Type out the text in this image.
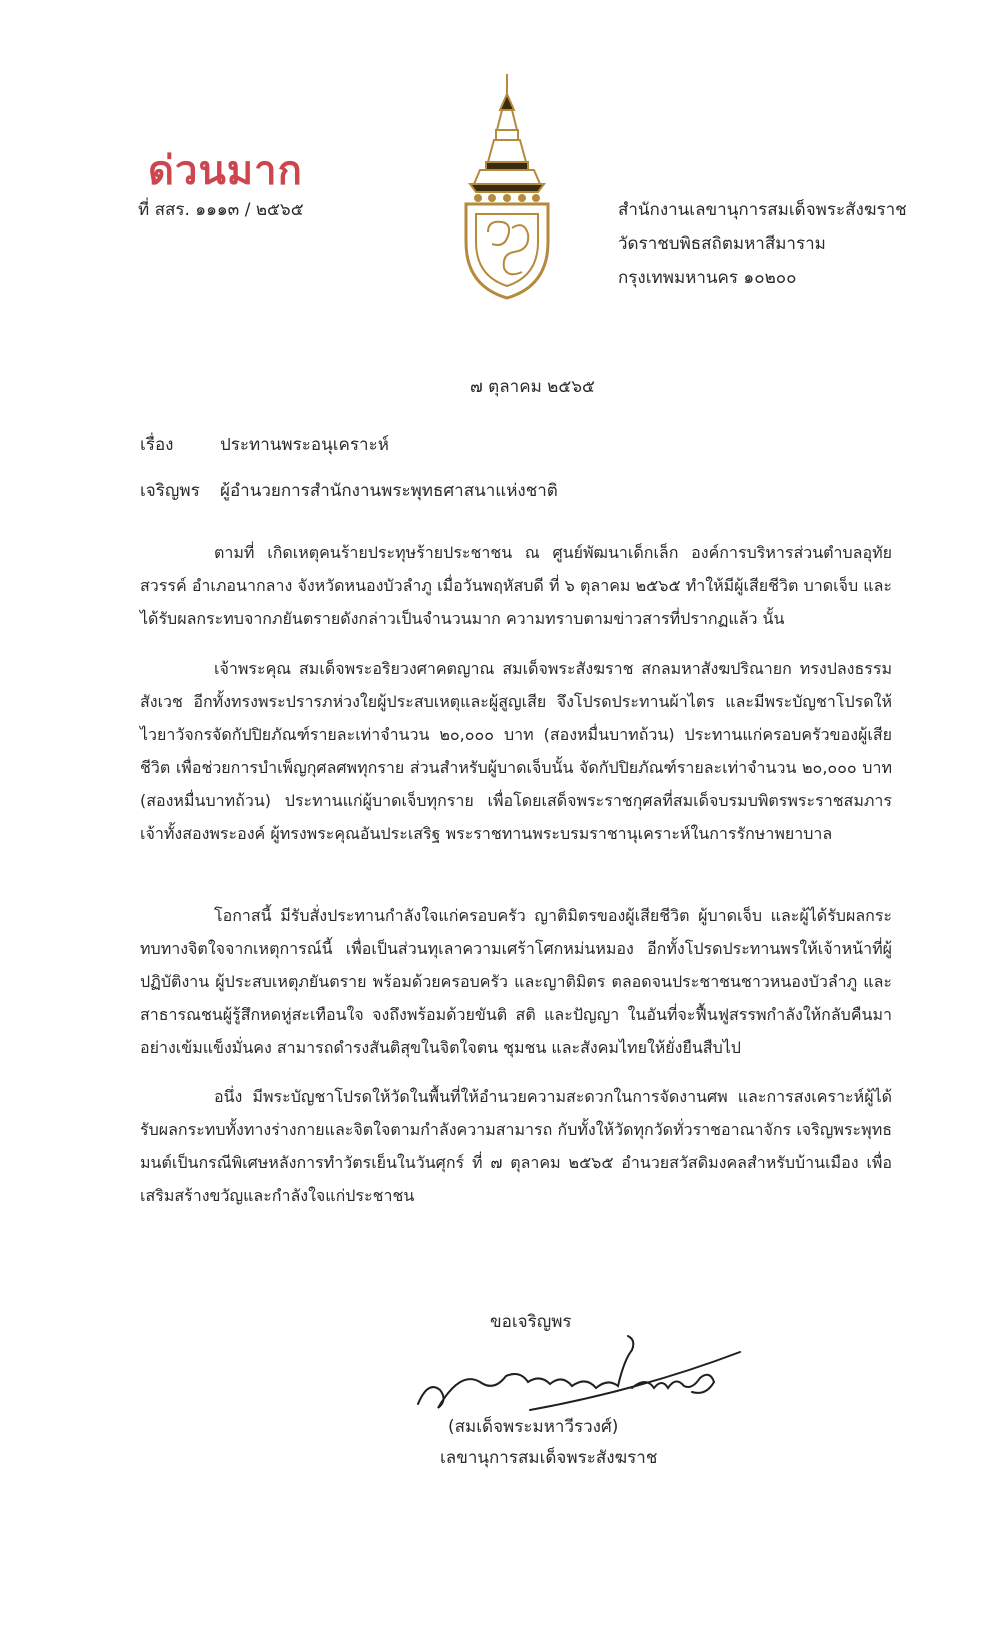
ด่วนมาก
ที่ สสร. ๑๑๑๓ / ๒๕๖๕	สำนักงานเลขานุการสมเด็จพระสังฆราช
วัดราชบพิธสถิตมหาสีมาราม
กรุงเทพมหานคร ๑๐๒๐๐
๗ ตุลาคม ๒๕๖๕
เรื่อง	ประทานพระอนุเคราะห์
เจริญพร ผู้อำนวยการสำนักงานพระพุทธศาสนาแห่งชาติ

ตามที่ เกิดเหตุคนร้ายประทุษร้ายประชาชน ณ ศูนย์พัฒนาเด็กเล็ก องค์การบริหารส่วนตำบลอุทัยสวรรค์ อำเภอนากลาง จังหวัดหนองบัวลำภู เมื่อวันพฤหัสบดี ที่ ๖ ตุลาคม ๒๕๖๕ ทำให้มีผู้เสียชีวิต บาดเจ็บ และได้รับผลกระทบจากภยันตรายดังกล่าวเป็นจำนวนมาก ความทราบตามข่าวสารที่ปรากฏแล้ว นั้น

เจ้าพระคุณ สมเด็จพระอริยวงศาคตญาณ สมเด็จพระสังฆราช สกลมหาสังฆปริณายก ทรงปลงธรรมสังเวช อีกทั้งทรงพระปรารภห่วงใยผู้ประสบเหตุและผู้สูญเสีย จึงโปรดประทานผ้าไตร และมีพระบัญชาโปรดให้ไวยาวัจกรจัดกัปปิยภัณฑ์รายละเท่าจำนวน ๒๐,๐๐๐ บาท (สองหมื่นบาทถ้วน) ประทานแก่ครอบครัวของผู้เสียชีวิต เพื่อช่วยการบำเพ็ญกุศลศพทุกราย ส่วนสำหรับผู้บาดเจ็บนั้น จัดกัปปิยภัณฑ์รายละเท่าจำนวน ๒๐,๐๐๐ บาท (สองหมื่นบาทถ้วน) ประทานแก่ผู้บาดเจ็บทุกราย เพื่อโดยเสด็จพระราชกุศลที่สมเด็จบรมบพิตรพระราชสมภารเจ้าทั้งสองพระองค์ ผู้ทรงพระคุณอันประเสริฐ พระราชทานพระบรมราชานุเคราะห์ในการรักษาพยาบาล

โอกาสนี้ มีรับสั่งประทานกำลังใจแก่ครอบครัว ญาติมิตรของผู้เสียชีวิต ผู้บาดเจ็บ และผู้ได้รับผลกระทบทางจิตใจจากเหตุการณ์นี้ เพื่อเป็นส่วนทุเลาความเศร้าโศกหม่นหมอง อีกทั้งโปรดประทานพรให้เจ้าหน้าที่ผู้ปฏิบัติงาน ผู้ประสบเหตุภยันตราย พร้อมด้วยครอบครัว และญาติมิตร ตลอดจนประชาชนชาวหนองบัวลำภู และสาธารณชนผู้รู้สึกหดหู่สะเทือนใจ จงถึงพร้อมด้วยขันติ สติ และปัญญา ในอันที่จะฟื้นฟูสรรพกำลังให้กลับคืนมาอย่างเข้มแข็งมั่นคง สามารถดำรงสันติสุขในจิตใจตน ชุมชน และสังคมไทยให้ยั่งยืนสืบไป

อนึ่ง มีพระบัญชาโปรดให้วัดในพื้นที่ให้อำนวยความสะดวกในการจัดงานศพ และการสงเคราะห์ผู้ได้รับผลกระทบทั้งทางร่างกายและจิตใจตามกำลังความสามารถ กับทั้งให้วัดทุกวัดทั่วราชอาณาจักร เจริญพระพุทธมนต์เป็นกรณีพิเศษหลังการทำวัตรเย็นในวันศุกร์ ที่ ๗ ตุลาคม ๒๕๖๕ อำนวยสวัสดิมงคลสำหรับบ้านเมือง เพื่อเสริมสร้างขวัญและกำลังใจแก่ประชาชน

ขอเจริญพร
(สมเด็จพระมหาวีรวงศ์)
เลขานุการสมเด็จพระสังฆราช
